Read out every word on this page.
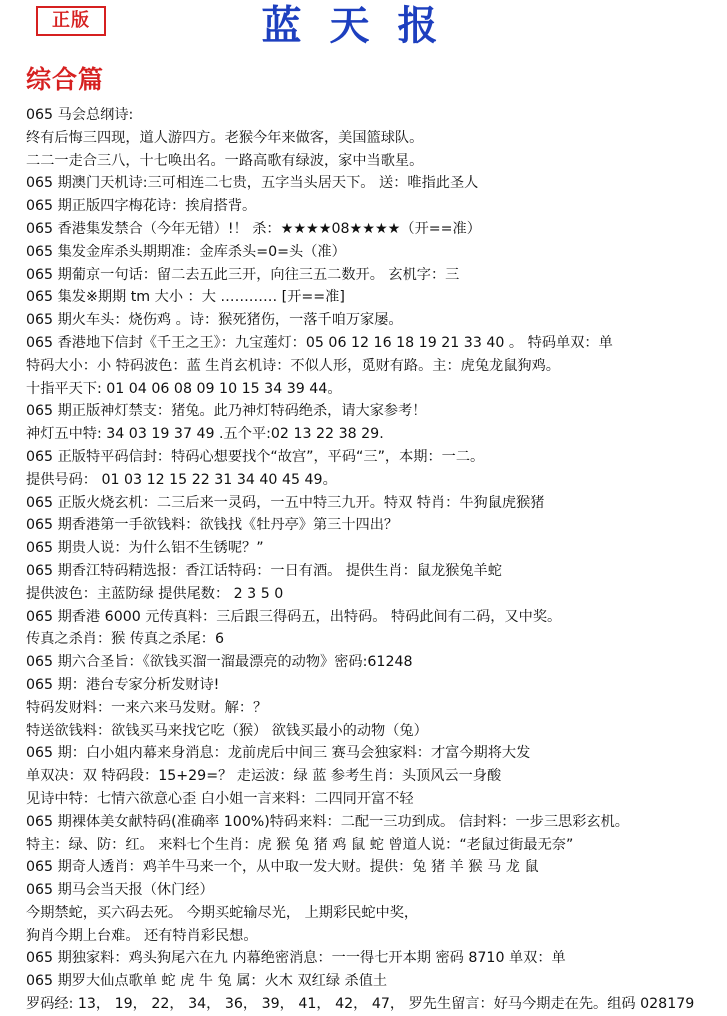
正版	蓝天报
综合篇
065 马会总纲诗:
终有后悔三四现，道人游四方。老猴今年来做客，美国篮球队。
二二一走合三八，十七唤出名。一路高歌有绿波，家中当歌星。
065 期澳门天机诗:三可相连二七贵，五字当头居天下。 送：唯指此圣人
065 期正版四字梅花诗：挨肩搭背。
065 香港集发禁合（今年无错）!！ 杀：★★★★08★★★★（开==准）
065 集发金库杀头期期准：金库杀头=0=头（准）
065 期葡京一句话：留二去五此三开，向往三五二数开。 玄机字：三
065 集发※期期 tm 大小 ：大 ………… [开==准]
065 期火车头：烧伤鸡 。诗：猴死猪伤，一落千咱万家屡。
065 香港地下信封《千王之王》：九宝莲灯：05 06 12 16 18 19 21 33 40 。 特码单双：单
特码大小：小 特码波色：蓝 生肖玄机诗：不似人形，觅财有路。主：虎兔龙鼠狗鸡。
十指平天下: 01 04 06 08 09 10 15 34 39 44。
065 期正版神灯禁支：猪兔。此乃神灯特码绝杀，请大家参考！
神灯五中特: 34 03 19 37 49 .五个平:02 13 22 38 29.
065 正版特平码信封：特码心想要找个“故宫”，平码“三”，本期：一二。
提供号码： 01 03 12 15 22 31 34 40 45 49。
065 正版火烧玄机：二三后来一灵码，一五中特三九开。特双 特肖：牛狗鼠虎猴猪
065 期香港第一手欲钱料：欲钱找《牡丹亭》第三十四出？
065 期贵人说：为什么铝不生锈呢？”
065 期香江特码精选报：香江话特码：一日有酒。 提供生肖：鼠龙猴兔羊蛇
提供波色：主蓝防绿 提供尾数： 2 3 5 0
065 期香港 6000 元传真料：三后跟三得码五，出特码。 特码此间有二码，又中奖。
传真之杀肖：猴 传真之杀尾：6
065 期六合圣旨：《欲钱买溜一溜最漂亮的动物》密码:61248
065 期：港台专家分析发财诗!
特码发财料：一来六来马发财。解：？
特送欲钱料：欲钱买马来找它吃（猴） 欲钱买最小的动物（兔）
065 期：白小姐内幕来身消息：龙前虎后中间三 赛马会独家料：才富今期将大发
单双决：双 特码段：15+29=？ 走运波：绿 蓝 参考生肖：头顶风云一身酸
见诗中特：七情六欲意心歪 白小姐一言来料：二四同开富不轻
065 期裸体美女献特码(准确率 100%)特码来料：二配一三功到成。 信封料：一步三思彩玄机。
特主：绿、防：红。 来料七个生肖：虎 猴 兔 猪 鸡 鼠 蛇 曾道人说：“老鼠过街最无奈”
065 期奇人透肖：鸡羊牛马来一个，从中取一发大财。提供：兔 猪 羊 猴 马 龙 鼠
065 期马会当天报（休门经）
今期禁蛇，买六码去死。 今期买蛇输尽光， 上期彩民蛇中奖，
狗肖今期上台难。 还有特肖彩民想。
065 期独家料：鸡头狗尾六在九 内幕绝密消息：一一得七开本期 密码 8710 单双：单
065 期罗大仙点歌单 蛇 虎 牛 兔 属：火木 双红绿 杀值土
罗码经: 13， 19， 22， 34， 36， 39， 41， 42， 47， 罗先生留言：好马今期走在先。组码 028179
